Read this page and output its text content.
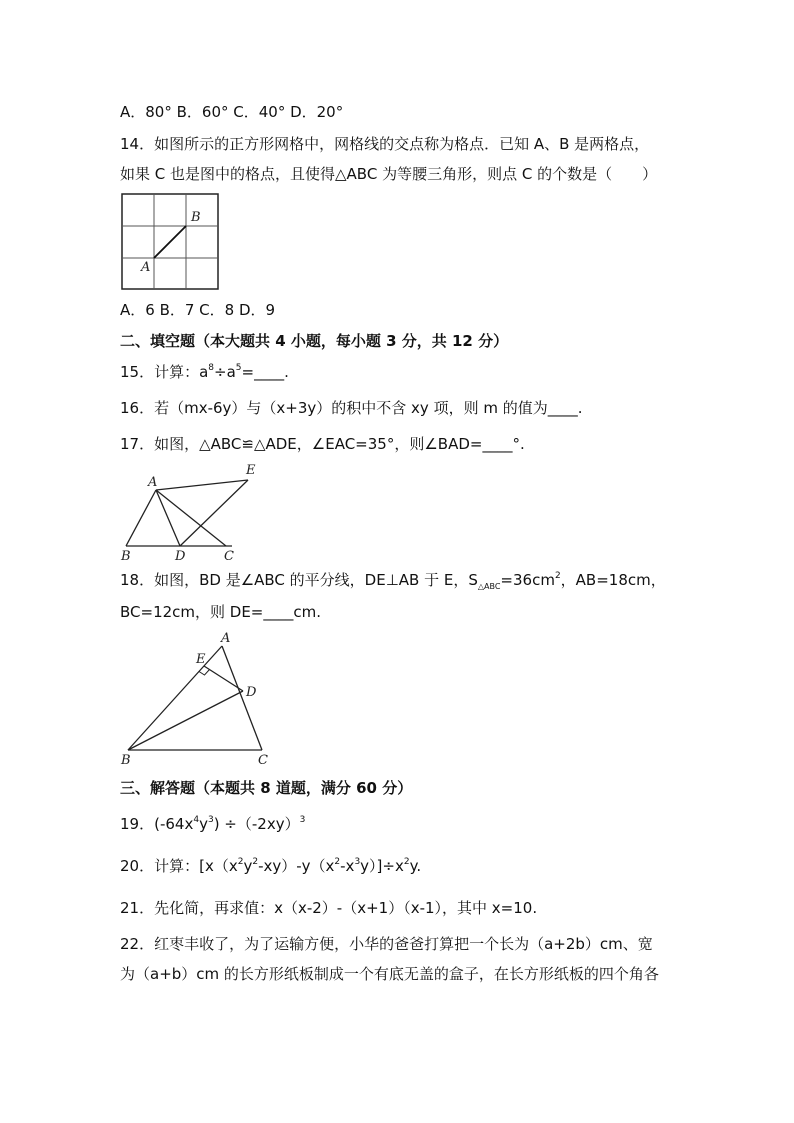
A．80° B．60° C．40° D．20°
14．如图所示的正方形网格中，网格线的交点称为格点．已知 A、B 是两格点，
如果 C 也是图中的格点，且使得△ABC 为等腰三角形，则点 C 的个数是（　　）
B
A
A．6 B．7 C．8 D．9
二、填空题（本大题共 4 小题，每小题 3 分，共 12 分）
15．计算：$a^8\div a^5=\_\_\_\_$.
16．若（mx-6y）与（x+3y）的积中不含 xy 项，则 m 的值为____.
17．如图，△ABC≌△ADE，∠EAC=35°，则∠BAD=____°.
A
E
B	D	C
18．如图，BD 是∠ABC 的平分线，DE⊥AB 于 E，$S_{\triangle ABC}=36cm^2$，AB=18cm，
BC=12cm，则 DE=____cm.
A
E
D
B	C
三、解答题（本题共 8 道题，满分 60 分）
19．$(-64x^4y^3) \div(-2xy)^3$
20．计算：$[x(x^2y^2-xy)-y(x^2-x^3y)]\div x^2y$.
21．先化简，再求值：x（x-2）-（x+1）（x-1），其中 x=10.
22．红枣丰收了，为了运输方便，小华的爸爸打算把一个长为（a+2b）cm、宽
为（a+b）cm 的长方形纸板制成一个有底无盖的盒子，在长方形纸板的四个角各
